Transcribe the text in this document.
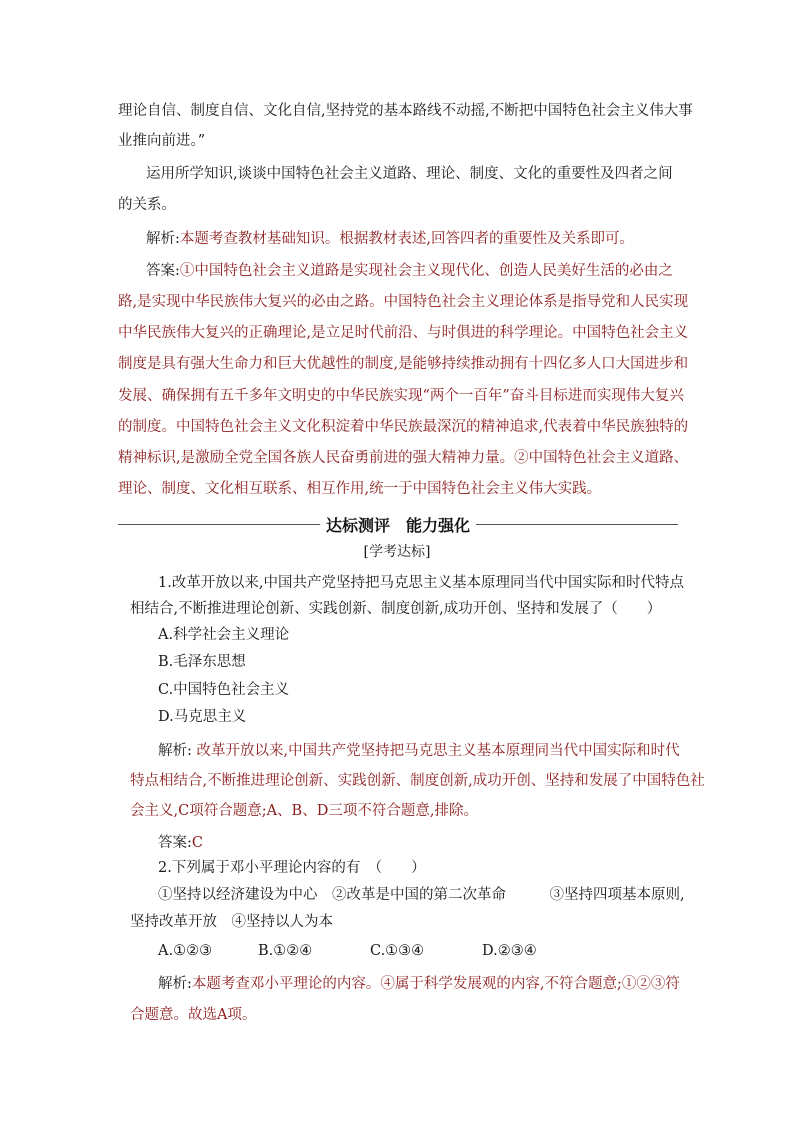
理论自信、制度自信、文化自信,坚持党的基本路线不动摇,不断把中国特色社会主义伟大事
业推向前进。”
运用所学知识,谈谈中国特色社会主义道路、理论、制度、文化的重要性及四者之间
的关系。
解析:本题考查教材基础知识。根据教材表述,回答四者的重要性及关系即可。
答案:①中国特色社会主义道路是实现社会主义现代化、创造人民美好生活的必由之
路,是实现中华民族伟大复兴的必由之路。中国特色社会主义理论体系是指导党和人民实现
中华民族伟大复兴的正确理论,是立足时代前沿、与时俱进的科学理论。中国特色社会主义
制度是具有强大生命力和巨大优越性的制度,是能够持续推动拥有十四亿多人口大国进步和
发展、确保拥有五千多年文明史的中华民族实现“两个一百年”奋斗目标进而实现伟大复兴
的制度。中国特色社会主义文化积淀着中华民族最深沉的精神追求,代表着中华民族独特的
精神标识,是激励全党全国各族人民奋勇前进的强大精神力量。②中国特色社会主义道路、
理论、制度、文化相互联系、相互作用,统一于中国特色社会主义伟大实践。
达标测评　能力强化
[学考达标]
1.改革开放以来,中国共产党坚持把马克思主义基本原理同当代中国实际和时代特点
相结合,不断推进理论创新、实践创新、制度创新,成功开创、坚持和发展了（　　）
A.科学社会主义理论
B.毛泽东思想
C.中国特色社会主义
D.马克思主义
解析: 改革开放以来,中国共产党坚持把马克思主义基本原理同当代中国实际和时代
特点相结合,不断推进理论创新、实践创新、制度创新,成功开创、坚持和发展了中国特色社
会主义,C项符合题意;A、B、D三项不符合题意,排除。
答案:C
2.下列属于邓小平理论内容的有　（　　）
①坚持以经济建设为中心　②改革是中国的第二次革命　　　③坚持四项基本原则,
坚持改革开放　④坚持以人为本
A.①②③	B.①②④	C.①③④	D.②③④
解析:本题考查邓小平理论的内容。④属于科学发展观的内容,不符合题意;①②③符
合题意。故选A项。
